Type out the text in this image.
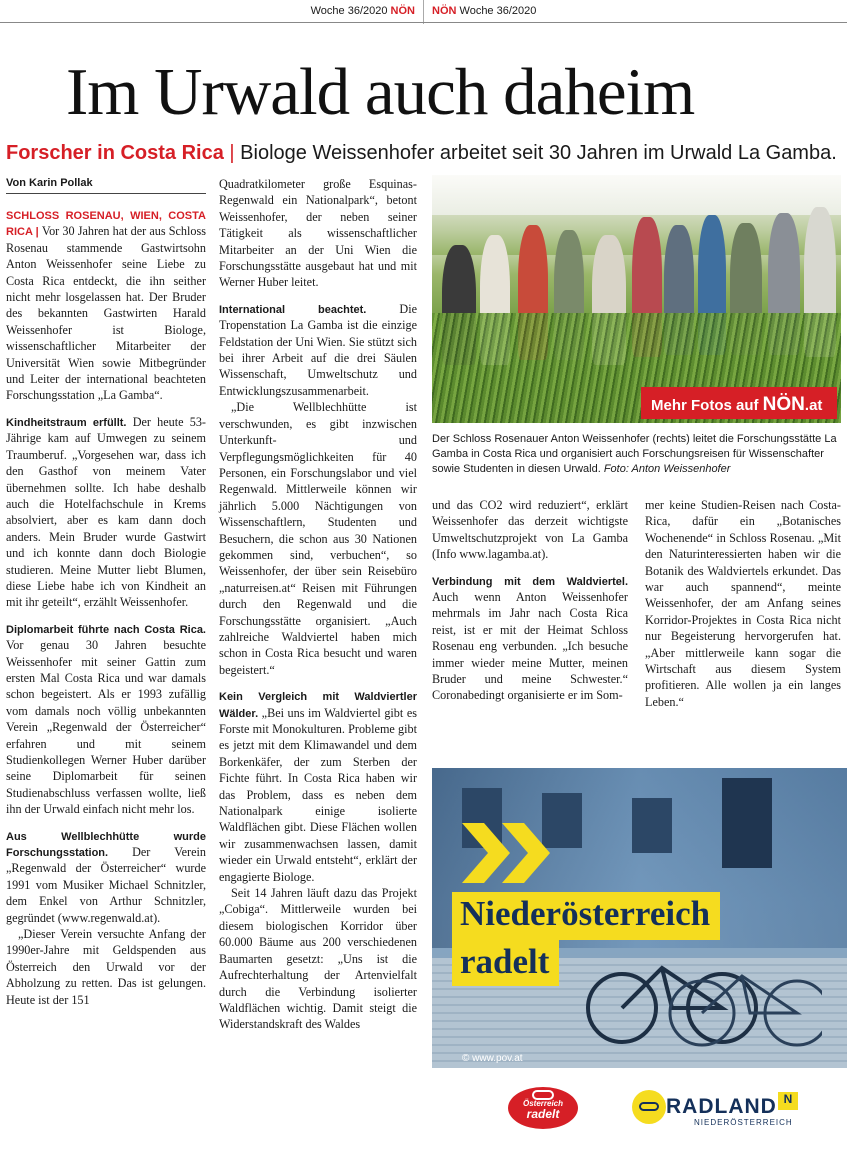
Woche 36/2020 NÖN NÖN Woche 36/2020
Im Urwald auch daheim
Forscher in Costa Rica | Biologe Weissenhofer arbeitet seit 30 Jahren im Urwald La Gamba.
Von Karin Pollak

SCHLOSS ROSENAU, WIEN, COSTA RICA | Vor 30 Jahren hat der aus Schloss Rosenau stammende Gastwirtsohn Anton Weissenhofer seine Liebe zu Costa Rica entdeckt, die ihn seither nicht mehr losgelassen hat. Der Bruder des bekannten Gastwirten Harald Weissenhofer ist Biologe, wissenschaftlicher Mitarbeiter der Universität Wien sowie Mitbegründer und Leiter der international beachteten Forschungsstation „La Gamba“.

Kindheitstraum erfüllt. Der heute 53-Jährige kam auf Umwegen zu seinem Traumberuf. „Vorgesehen war, dass ich den Gasthof von meinem Vater übernehmen sollte. Ich habe deshalb auch die Hotelfachschule in Krems absolviert, aber es kam dann doch anders. Mein Bruder wurde Gastwirt und ich konnte dann doch Biologie studieren. Meine Mutter liebt Blumen, diese Liebe habe ich von Kindheit an mit ihr geteilt“, erzählt Weissenhofer.

Diplomarbeit führte nach Costa Rica. Vor genau 30 Jahren besuchte Weissenhofer mit seiner Gattin zum ersten Mal Costa Rica und war damals schon begeistert. Als er 1993 zufällig vom damals noch völlig unbekannten Verein „Regenwald der Österreicher“ erfahren und mit seinem Studienkollegen Werner Huber darüber seine Diplomarbeit für seinen Studienabschluss verfassen wollte, ließ ihn der Urwald einfach nicht mehr los.

Aus Wellblechhütte wurde Forschungsstation. Der Verein „Regenwald der Österreicher“ wurde 1991 vom Musiker Michael Schnitzler, dem Enkel von Arthur Schnitzler, gegründet (www.regenwald.at).

„Dieser Verein versuchte Anfang der 1990er-Jahre mit Geldspenden aus Österreich den Urwald vor der Abholzung zu retten. Das ist gelungen. Heute ist der 151

Quadratkilometer große Esquinas-Regenwald ein Nationalpark“, betont Weissenhofer, der neben seiner Tätigkeit als wissenschaftlicher Mitarbeiter an der Uni Wien die Forschungsstätte ausgebaut hat und mit Werner Huber leitet.

International beachtet. Die Tropenstation La Gamba ist die einzige Feldstation der Uni Wien. Sie stützt sich bei ihrer Arbeit auf die drei Säulen Wissenschaft, Umweltschutz und Entwicklungszusammenarbeit.

„Die Wellblechhütte ist verschwunden, es gibt inzwischen Unterkunft- und Verpflegungsmöglichkeiten für 40 Personen, ein Forschungslabor und viel Regenwald. Mittlerweile können wir jährlich 5.000 Nächtigungen von Wissenschaftlern, Studenten und Besuchern, die schon aus 30 Nationen gekommen sind, verbuchen“, so Weissenhofer, der über sein Reisebüro „naturreisen.at“ Reisen mit Führungen durch den Regenwald und die Forschungsstätte organisiert. „Auch zahlreiche Waldviertel haben mich schon in Costa Rica besucht und waren begeistert.“

Kein Vergleich mit Waldviertler Wälder. „Bei uns im Waldviertel gibt es Forste mit Monokulturen. Probleme gibt es jetzt mit dem Klimawandel und dem Borkenkäfer, der zum Sterben der Fichte führt. In Costa Rica haben wir das Problem, dass es neben dem Nationalpark einige isolierte Waldflächen gibt. Diese Flächen wollen wir zusammenwachsen lassen, damit wieder ein Urwald entsteht“, erklärt der engagierte Biologe.

Seit 14 Jahren läuft dazu das Projekt „Cobiga“. Mittlerweile wurden bei diesem biologischen Korridor über 60.000 Bäume aus 200 verschiedenen Baumarten gesetzt: „Uns ist die Aufrechterhaltung der Artenvielfalt durch die Verbindung isolierter Waldflächen wichtig. Damit steigt die Widerstandskraft des Waldes

Mehr Fotos auf NÖN.at
Der Schloss Rosenauer Anton Weissenhofer (rechts) leitet die Forschungsstätte La Gamba in Costa Rica und organisiert auch Forschungsreisen für Wissenschafter sowie Studenten in diesen Urwald. Foto: Anton Weissenhofer

und das CO2 wird reduziert“, erklärt Weissenhofer das derzeit wichtigste Umweltschutzprojekt von La Gamba (Info www.lagamba.at).

Verbindung mit dem Waldviertel. Auch wenn Anton Weissenhofer mehrmals im Jahr nach Costa Rica reist, ist er mit der Heimat Schloss Rosenau eng verbunden. „Ich besuche immer wieder meine Mutter, meinen Bruder und meine Schwester.“ Coronabedingt organisierte er im Som-

mer keine Studien-Reisen nach Costa-Rica, dafür ein „Botanisches Wochenende“ in Schloss Rosenau. „Mit den Naturinteressierten haben wir die Botanik des Waldviertels erkundet. Das war auch spannend“, meinte Weissenhofer, der am Anfang seines Korridor-Projektes in Costa Rica nicht nur Begeisterung hervorgerufen hat. „Aber mittlerweile kann sogar die Wirtschaft aus diesem System profitieren. Alle wollen ja ein langes Leben.“

Niederösterreich
radelt
© www.pov.at
Österreich
radelt	RADLAND N
NIEDERÖSTERREICH
